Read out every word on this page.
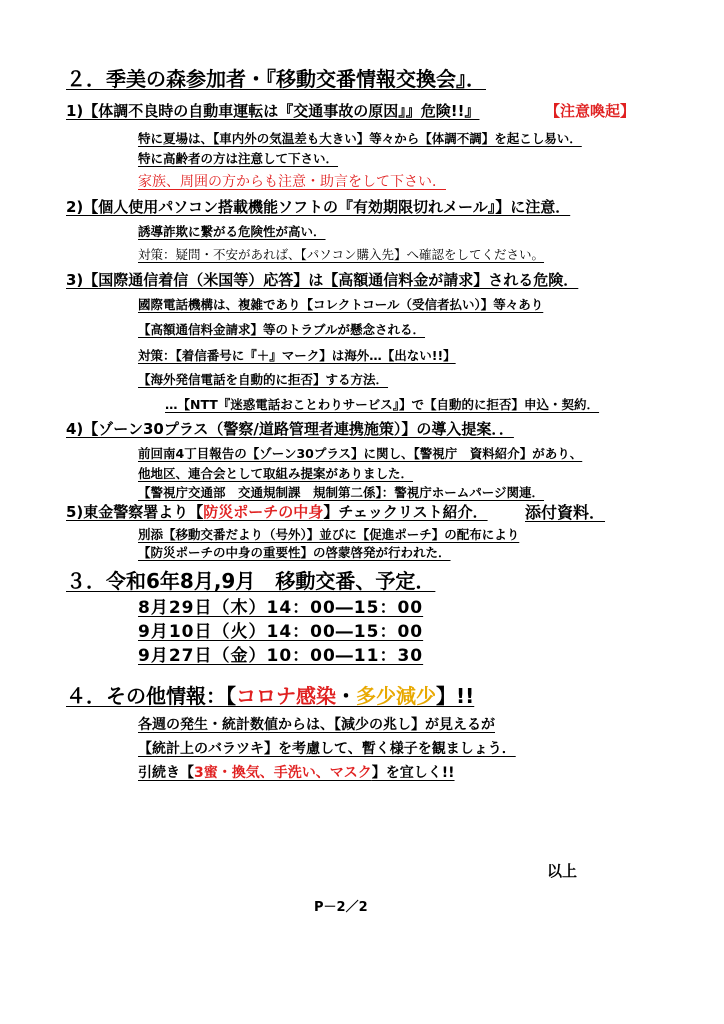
２．季美の森参加者・『移動交番情報交換会』．
1)【体調不良時の自動車運転は『交通事故の原因』』危険!!』	【注意喚起】
特に夏場は、【車内外の気温差も大きい】等々から【体調不調】を起こし易い．
特に高齢者の方は注意して下さい．
家族、周囲の方からも注意・助言をして下さい．
2)【個人使用パソコン搭載機能ソフトの『有効期限切れメール』】に注意．
誘導詐欺に繋がる危険性が高い．
対策：疑問・不安があれば、【パソコン購入先】へ確認をしてください。
3)【国際通信着信（米国等）応答】は【高額通信料金が請求】される危険．
國際電話機構は、複雑であり【コレクトコール（受信者払い）】等々あり
【高額通信料金請求】等のトラブルが懸念される．
対策：【着信番号に『＋』マーク】は海外…【出ない!!】
【海外発信電話を自動的に拒否】する方法．
…【NTT『迷惑電話おことわりサービス』】で【自動的に拒否】申込・契約．
4)【ゾーン30プラス（警察/道路管理者連携施策）】の導入提案．．
前回南4丁目報告の【ゾーン30プラス】に関し、【警視庁　資料紹介】があり、
他地区、連合会として取組み提案がありました．
【警視庁交通部　交通規制課　規制第二係】：警視庁ホームパージ関連．
5)東金警察署より【防災ポーチの中身】チェックリスト紹介． 添付資料．
別添【移動交番だより（号外）】並びに【促進ポーチ】の配布により
【防災ポーチの中身の重要性】の啓蒙啓発が行われた．
３．令和6年8月,9月　移動交番、予定．
8月29日（木）14：00―15：00
9月10日（火）14：00―15：00
9月27日（金）10：00―11：30
４．その他情報：【コロナ感染・多少減少】!!
各週の発生・統計数値からは、【減少の兆し】が見えるが
【統計上のバラツキ】を考慮して、暫く様子を観ましょう．
引続き【3蜜・換気、手洗い、マスク】を宜しく!!
以上
P－2／2
